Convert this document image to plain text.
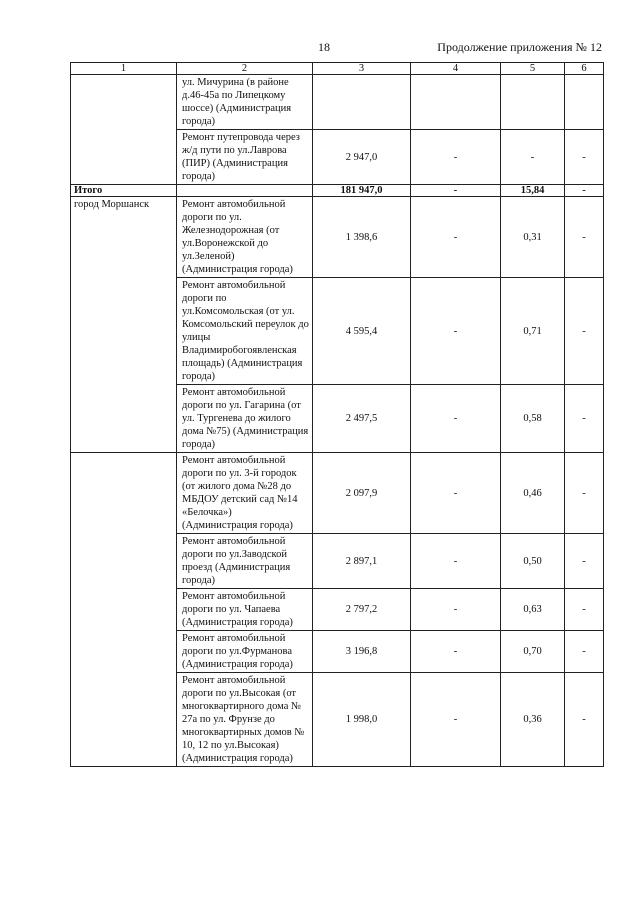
18	Продолжение приложения № 12
1	2	3	4	5	6
	ул. Мичурина (в районе д.46-45а по Липецкому шоссе) (Администрация города)				
	Ремонт путепровода через ж/д пути по ул.Лаврова (ПИР) (Администрация города)	2 947,0	-	-	-
Итого		181 947,0	-	15,84	-
город Моршанск	Ремонт автомобильной дороги по ул. Железнодорожная (от ул.Воронежской до ул.Зеленой) (Администрация города)	1 398,6	-	0,31	-
	Ремонт автомобильной дороги по ул.Комсомольская (от ул. Комсомольский переулок до улицы Владимиробогоявленская площадь) (Администрация города)	4 595,4	-	0,71	-
	Ремонт автомобильной дороги по ул. Гагарина (от ул. Тургенева до жилого дома №75) (Администрация города)	2 497,5	-	0,58	-
	Ремонт автомобильной дороги по ул. 3-й городок (от жилого дома №28 до МБДОУ детский сад №14 «Белочка») (Администрация города)	2 097,9	-	0,46	-
	Ремонт автомобильной дороги по ул.Заводской проезд (Администрация города)	2 897,1	-	0,50	-
	Ремонт автомобильной дороги по ул. Чапаева (Администрация города)	2 797,2	-	0,63	-
	Ремонт автомобильной дороги по ул.Фурманова (Администрация города)	3 196,8	-	0,70	-
	Ремонт автомобильной дороги по ул.Высокая (от многоквартирного дома № 27а по ул. Фрунзе до многоквартирных домов № 10, 12 по ул.Высокая) (Администрация города)	1 998,0	-	0,36	-
